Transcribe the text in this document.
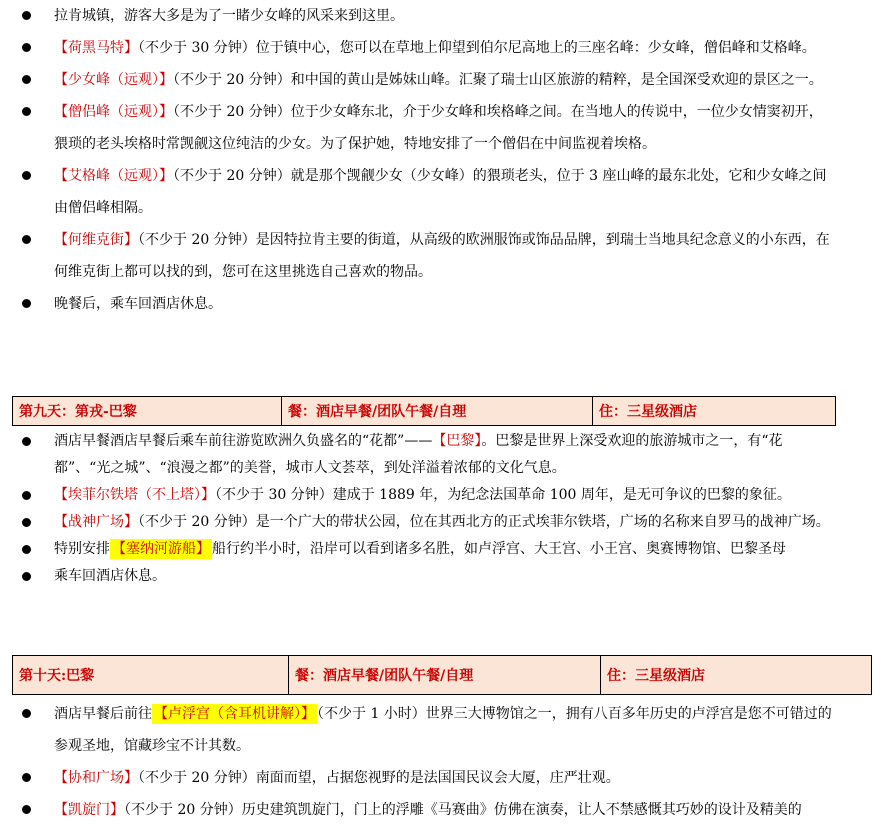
拉肯城镇，游客大多是为了一睹少女峰的风采来到这里。
【荷黑马特】（不少于 30 分钟）位于镇中心，您可以在草地上仰望到伯尔尼高地上的三座名峰：少女峰，僧侣峰和艾格峰。
【少女峰（远观）】（不少于 20 分钟）和中国的黄山是姊妹山峰。汇聚了瑞士山区旅游的精粹，是全国深受欢迎的景区之一。
【僧侣峰（远观）】（不少于 20 分钟）位于少女峰东北，介于少女峰和埃格峰之间。在当地人的传说中，一位少女情窦初开，猥琐的老头埃格时常觊觎这位纯洁的少女。为了保护她，特地安排了一个僧侣在中间监视着埃格。
【艾格峰（远观）】（不少于 20 分钟）就是那个觊觎少女（少女峰）的猥琐老头，位于 3 座山峰的最东北处，它和少女峰之间由僧侣峰相隔。
【何维克街】（不少于 20 分钟）是因特拉肯主要的街道，从高级的欧洲服饰或饰品品牌，到瑞士当地具纪念意义的小东西，在何维克街上都可以找的到，您可在这里挑选自己喜欢的物品。
晚餐后，乘车回酒店休息。
第九天：第戎-巴黎	餐：酒店早餐/团队午餐/自理	住：三星级酒店
酒店早餐酒店早餐后乘车前往游览欧洲久负盛名的“花都”——【巴黎】。巴黎是世界上深受欢迎的旅游城市之一，有“花都”、“光之城”、“浪漫之都”的美誉，城市人文荟萃，到处洋溢着浓郁的文化气息。
【埃菲尔铁塔（不上塔）】（不少于 30 分钟）建成于 1889 年，为纪念法国革命 100 周年，是无可争议的巴黎的象征。
【战神广场】（不少于 20 分钟）是一个广大的带状公园，位在其西北方的正式埃菲尔铁塔，广场的名称来自罗马的战神广场。
特别安排 【塞纳河游船】 船行约半小时，沿岸可以看到诸多名胜，如卢浮宫、大王宫、小王宫、奥赛博物馆、巴黎圣母
乘车回酒店休息。
第十天:巴黎	餐：酒店早餐/团队午餐/自理	住：三星级酒店
酒店早餐后前往 【卢浮宫（含耳机讲解）】 （不少于 1 小时）世界三大博物馆之一，拥有八百多年历史的卢浮宫是您不可错过的参观圣地，馆藏珍宝不计其数。
【协和广场】（不少于 20 分钟）南面而望，占据您视野的是法国国民议会大厦，庄严壮观。
【凯旋门】（不少于 20 分钟）历史建筑凯旋门，门上的浮雕《马赛曲》仿佛在演奏，让人不禁感慨其巧妙的设计及精美的
